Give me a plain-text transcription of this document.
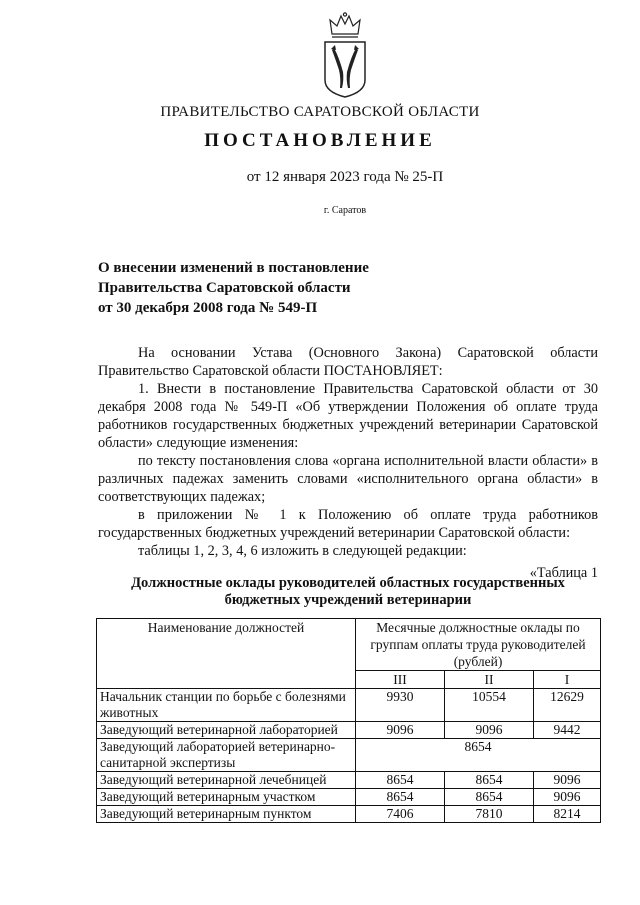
ПРАВИТЕЛЬСТВО САРАТОВСКОЙ ОБЛАСТИ
ПОСТАНОВЛЕНИЕ
от 12 января 2023 года № 25-П
г. Саратов
О внесении изменений в постановление
Правительства Саратовской области
от 30 декабря 2008 года № 549-П

На основании Устава (Основного Закона) Саратовской области Правительство Саратовской области ПОСТАНОВЛЯЕТ:

1. Внести в постановление Правительства Саратовской области от 30 декабря 2008 года № 549-П «Об утверждении Положения об оплате труда работников государственных бюджетных учреждений ветеринарии Саратовской области» следующие изменения:

по тексту постановления слова «органа исполнительной власти области» в различных падежах заменить словами «исполнительного органа области» в соответствующих падежах;

в приложении № 1 к Положению об оплате труда работников государственных бюджетных учреждений ветеринарии Саратовской области:

таблицы 1, 2, 3, 4, 6 изложить в следующей редакции:

«Таблица 1

Должностные оклады руководителей областных государственных
бюджетных учреждений ветеринарии
Наименование должностей	Месячные должностные оклады по группам оплаты труда руководителей (рублей)		
	III	II	I
Начальник станции по борьбе с болезнями животных	9930	10554	12629
Заведующий ветеринарной лабораторией	9096	9096	9442
Заведующий лабораторией ветеринарно-санитарной экспертизы	8654		
Заведующий ветеринарной лечебницей	8654	8654	9096
Заведующий ветеринарным участком	8654	8654	9096
Заведующий ветеринарным пунктом	7406	7810	8214
